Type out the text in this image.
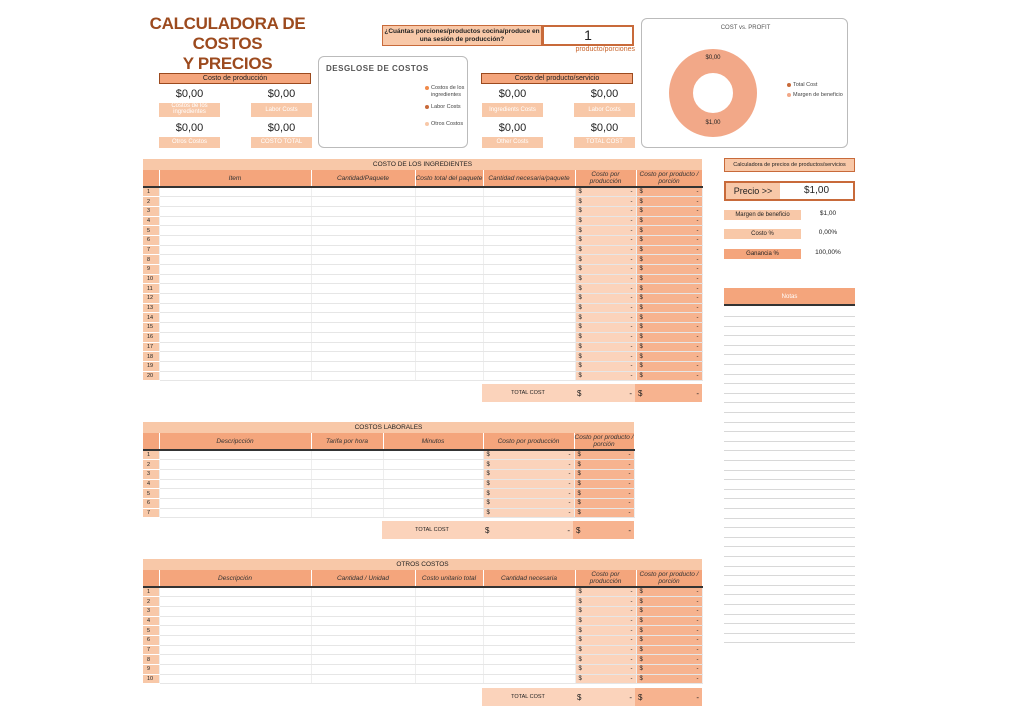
CALCULADORA DE COSTOS
Y PRECIOS
¿Cuántas porciones/productos cocina/produce en una sesión de producción?	1
producto/porciones
Costo de producción
$0,00	$0,00
Costos de los ingredientes	Labor Costs
$0,00	$0,00
Otros Costos	COSTO TOTAL
DESGLOSE DE COSTOS
Costos de los ingredientes
Labor Costs
Otros Costos
Costo del producto/servicio
$0,00	$0,00
Ingredients Costs	Labor Costs
$0,00	$0,00
Other Costs	TOTAL COST
COST vs. PROFIT
$0,00
$1,00
Total Cost
Margen de beneficio
COSTO DE LOS INGREDIENTES
	Item	Cantidad/Paquete	Costo total del paquete	Cantidad necesaria/paquete	Costo por producción	Costo por producto / porción
1					$ -	$ -

2					$ -	$ -

3					$ -	$ -

4					$ -	$ -

5					$ -	$ -

6					$ -	$ -

7					$ -	$ -

8					$ -	$ -

9					$ -	$ -

10					$ -	$ -

11					$ -	$ -

12					$ -	$ -

13					$ -	$ -

14					$ -	$ -

15					$ -	$ -

16					$ -	$ -

17					$ -	$ -

18					$ -	$ -

19					$ -	$ -

20					$ -	$ -
TOTAL COST	$	- $	-
COSTOS LABORALES
	Descripcción	Tarifa por hora	Minutos	Costo por producción	Costo por producto / porción
1				$ -	$ -

2				$ -	$ -

3				$ -	$ -

4				$ -	$ -

5				$ -	$ -

6				$ -	$ -

7				$ -	$ -
TOTAL COST	$	- $	-
OTROS COSTOS
	Descripción	Cantidad / Unidad	Costo unitario total	Cantidad necesaria	Costo por producción	Costo por producto / porción
1					$ -	$ -

2					$ -	$ -

3					$ -	$ -

4					$ -	$ -

5					$ -	$ -

6					$ -	$ -

7					$ -	$ -

8					$ -	$ -

9					$ -	$ -

10					$ -	$ -
TOTAL COST	$	- $	-
Calculadora de precios de productos/servicios
Precio >>	$1,00
Margen de beneficio	$1,00
Costo %	0,00%
Ganancia %	100,00%
Notas
